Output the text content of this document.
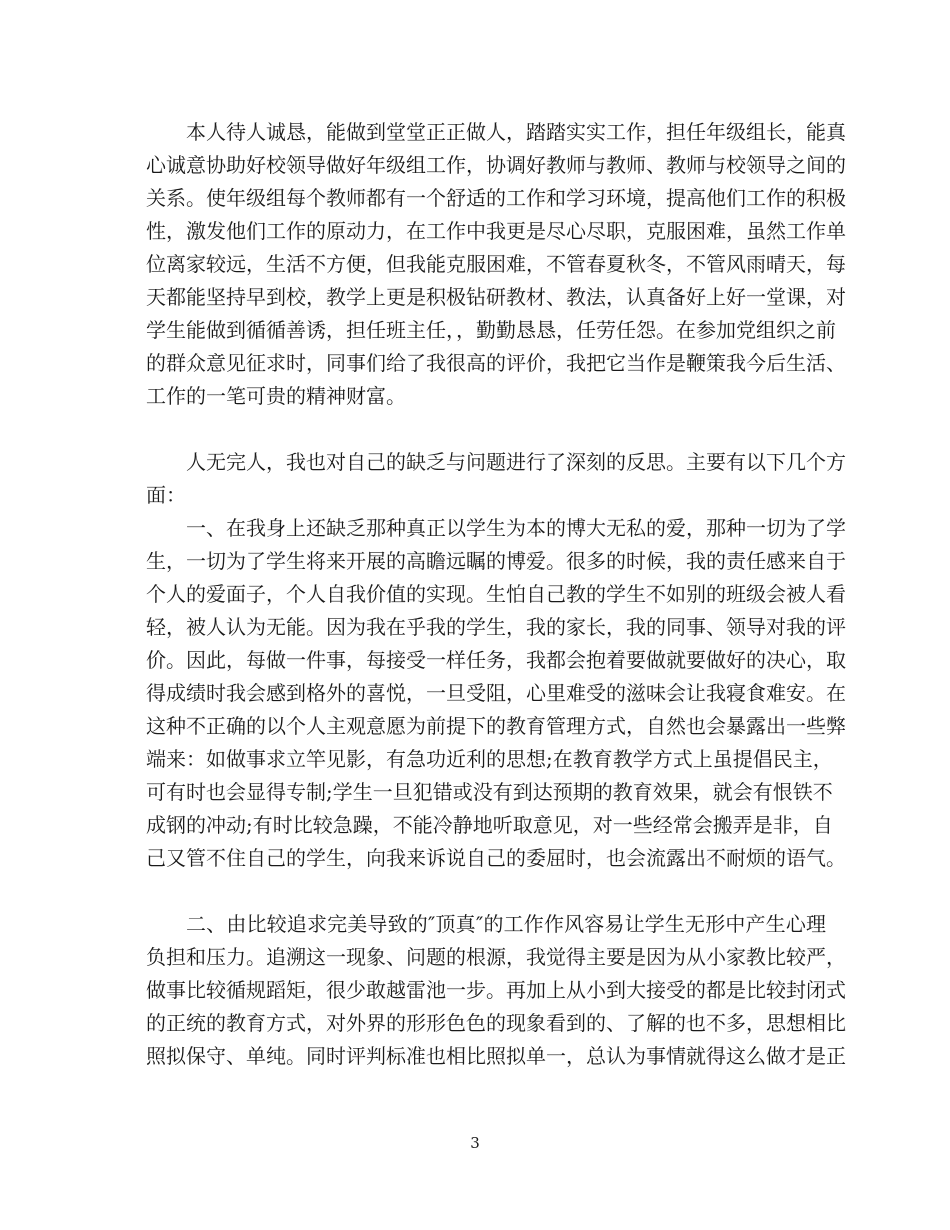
本人待人诚恳，能做到堂堂正正做人，踏踏实实工作，担任年级组长，能真
心诚意协助好校领导做好年级组工作，协调好教师与教师、教师与校领导之间的
关系。使年级组每个教师都有一个舒适的工作和学习环境，提高他们工作的积极
性，激发他们工作的原动力，在工作中我更是尽心尽职，克服困难，虽然工作单
位离家较远，生活不方便，但我能克服困难，不管春夏秋冬，不管风雨晴天，每
天都能坚持早到校，教学上更是积极钻研教材、教法，认真备好上好一堂课，对
学生能做到循循善诱，担任班主任，，勤勤恳恳，任劳任怨。在参加党组织之前
的群众意见征求时，同事们给了我很高的评价，我把它当作是鞭策我今后生活、
工作的一笔可贵的精神财富。
人无完人，我也对自己的缺乏与问题进行了深刻的反思。主要有以下几个方
面：
一、在我身上还缺乏那种真正以学生为本的博大无私的爱，那种一切为了学
生，一切为了学生将来开展的高瞻远瞩的博爱。很多的时候，我的责任感来自于
个人的爱面子，个人自我价值的实现。生怕自己教的学生不如别的班级会被人看
轻，被人认为无能。因为我在乎我的学生，我的家长，我的同事、领导对我的评
价。因此，每做一件事，每接受一样任务，我都会抱着要做就要做好的决心，取
得成绩时我会感到格外的喜悦，一旦受阻，心里难受的滋味会让我寝食难安。在
这种不正确的以个人主观意愿为前提下的教育管理方式，自然也会暴露出一些弊
端来：如做事求立竿见影，有急功近利的思想;在教育教学方式上虽提倡民主，
可有时也会显得专制;学生一旦犯错或没有到达预期的教育效果，就会有恨铁不
成钢的冲动;有时比较急躁，不能冷静地听取意见，对一些经常会搬弄是非，自
己又管不住自己的学生，向我来诉说自己的委屈时，也会流露出不耐烦的语气。
二、由比较追求完美导致的″顶真″的工作作风容易让学生无形中产生心理
负担和压力。追溯这一现象、问题的根源，我觉得主要是因为从小家教比较严，
做事比较循规蹈矩，很少敢越雷池一步。再加上从小到大接受的都是比较封闭式
的正统的教育方式，对外界的形形色色的现象看到的、了解的也不多，思想相比
照拟保守、单纯。同时评判标准也相比照拟单一，总认为事情就得这么做才是正
3
